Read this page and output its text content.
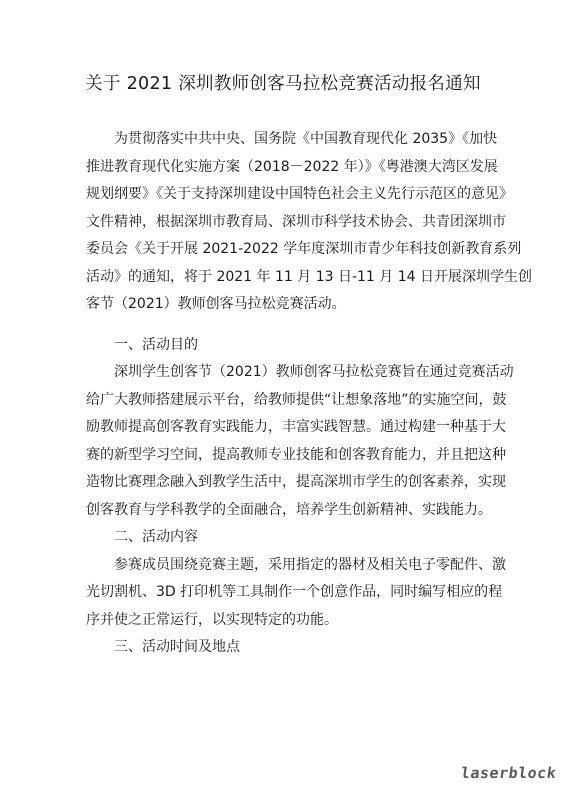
关于 2021 深圳教师创客马拉松竞赛活动报名通知
为贯彻落实中共中央、国务院《中国教育现代化 2035》《加快
推进教育现代化实施方案（2018－2022 年）》《粤港澳大湾区发展
规划纲要》《关于支持深圳建设中国特色社会主义先行示范区的意见》
文件精神，根据深圳市教育局、深圳市科学技术协会、共青团深圳市
委员会《关于开展 2021-2022 学年度深圳市青少年科技创新教育系列
活动》的通知，将于 2021 年 11 月 13 日-11 月 14 日开展深圳学生创
客节（2021）教师创客马拉松竞赛活动。
一、活动目的
深圳学生创客节（2021）教师创客马拉松竞赛旨在通过竞赛活动
给广大教师搭建展示平台，给教师提供“让想象落地”的实施空间，鼓
励教师提高创客教育实践能力，丰富实践智慧。通过构建一种基于大
赛的新型学习空间，提高教师专业技能和创客教育能力，并且把这种
造物比赛理念融入到教学生活中，提高深圳市学生的创客素养，实现
创客教育与学科教学的全面融合，培养学生创新精神、实践能力。
二、活动内容
参赛成员围绕竞赛主题，采用指定的器材及相关电子零配件、激
光切割机、3D 打印机等工具制作一个创意作品，同时编写相应的程
序并使之正常运行，以实现特定的功能。
三、活动时间及地点
laserblock
